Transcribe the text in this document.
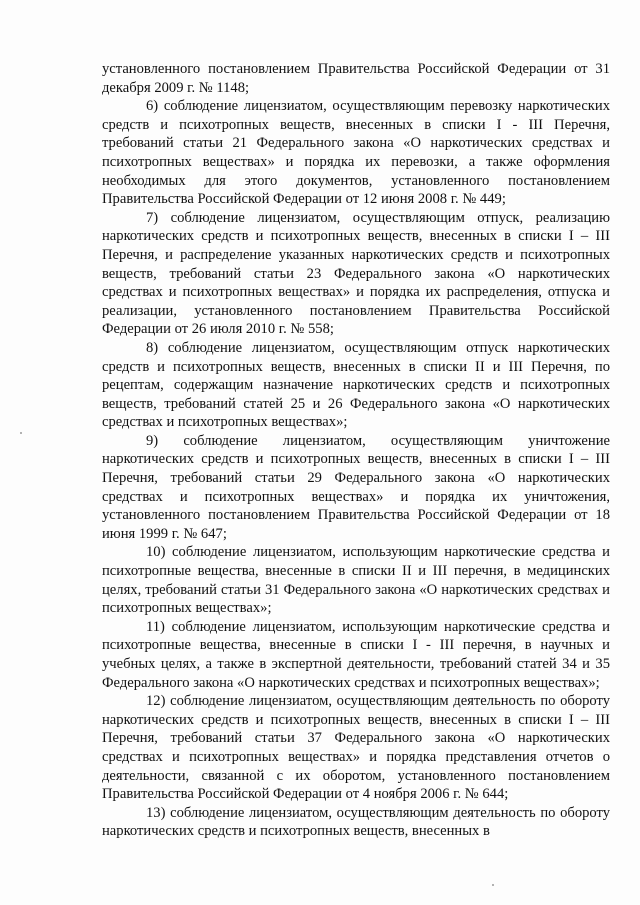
установленного постановлением Правительства Российской Федерации от 31 декабря 2009 г. № 1148;

6) соблюдение лицензиатом, осуществляющим перевозку наркотических средств и психотропных веществ, внесенных в списки I - III Перечня, требований статьи 21 Федерального закона «О наркотических средствах и психотропных веществах» и порядка их перевозки, а также оформления необходимых для этого документов, установленного постановлением Правительства Российской Федерации от 12 июня 2008 г. № 449;

7) соблюдение лицензиатом, осуществляющим отпуск, реализацию наркотических средств и психотропных веществ, внесенных в списки I – III Перечня, и распределение указанных наркотических средств и психотропных веществ, требований статьи 23 Федерального закона «О наркотических средствах и психотропных веществах» и порядка их распределения, отпуска и реализации, установленного постановлением Правительства Российской Федерации от 26 июля 2010 г. № 558;

8) соблюдение лицензиатом, осуществляющим отпуск наркотических средств и психотропных веществ, внесенных в списки II и III Перечня, по рецептам, содержащим назначение наркотических средств и психотропных веществ, требований статей 25 и 26 Федерального закона «О наркотических средствах и психотропных веществах»;

9) соблюдение лицензиатом, осуществляющим уничтожение наркотических средств и психотропных веществ, внесенных в списки I – III Перечня, требований статьи 29 Федерального закона «О наркотических средствах и психотропных веществах» и порядка их уничтожения, установленного постановлением Правительства Российской Федерации от 18 июня 1999 г. № 647;

10) соблюдение лицензиатом, использующим наркотические средства и психотропные вещества, внесенные в списки II и III перечня, в медицинских целях, требований статьи 31 Федерального закона «О наркотических средствах и психотропных веществах»;

11) соблюдение лицензиатом, использующим наркотические средства и психотропные вещества, внесенные в списки I - III перечня, в научных и учебных целях, а также в экспертной деятельности, требований статей 34 и 35 Федерального закона «О наркотических средствах и психотропных веществах»;

12) соблюдение лицензиатом, осуществляющим деятельность по обороту наркотических средств и психотропных веществ, внесенных в списки I – III Перечня, требований статьи 37 Федерального закона «О наркотических средствах и психотропных веществах» и порядка представления отчетов о деятельности, связанной с их оборотом, установленного постановлением Правительства Российской Федерации от 4 ноября 2006 г. № 644;

13) соблюдение лицензиатом, осуществляющим деятельность по обороту наркотических средств и психотропных веществ, внесенных в
